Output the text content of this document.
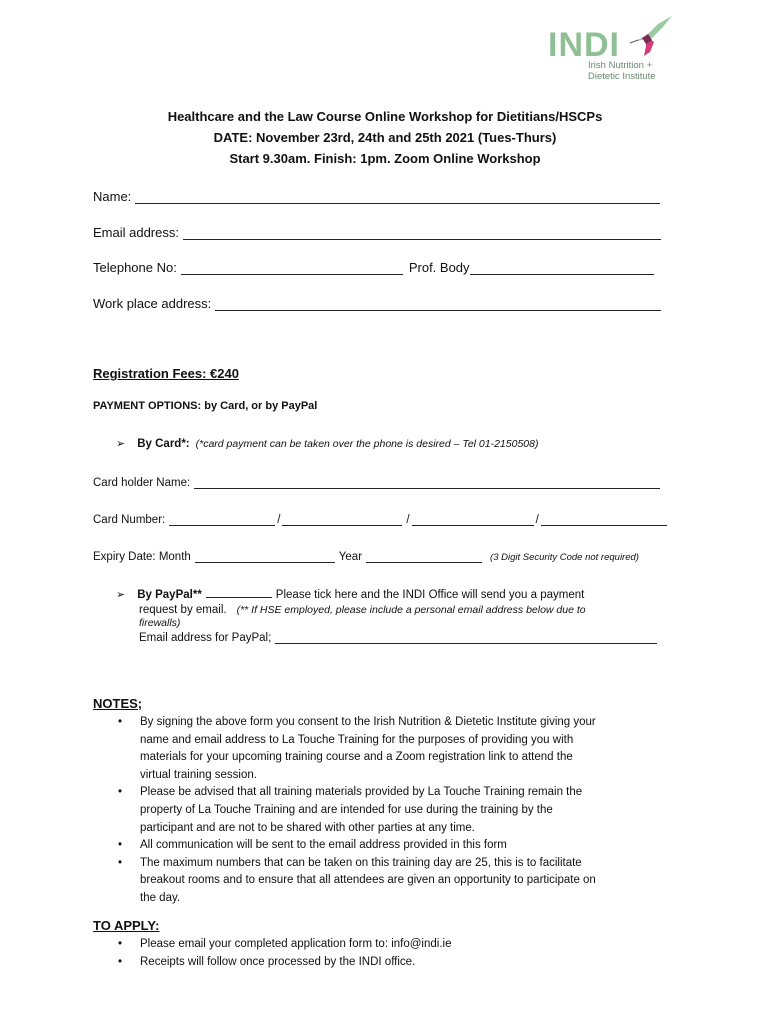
INDI
Irish Nutrition +
Dietetic Institute
Healthcare and the Law Course Online Workshop for Dietitians/HSCPs
DATE: November 23rd, 24th and 25th 2021 (Tues-Thurs)
Start 9.30am. Finish: 1pm. Zoom Online Workshop
Name:
Email address:
Telephone No:	Prof. Body
Work place address:
Registration Fees: €240
PAYMENT OPTIONS: by Card, or by PayPal
➢ By Card*: (*card payment can be taken over the phone is desired – Tel 01-2150508)
Card holder Name:
Card Number:	/	/	/
Expiry Date: Month	Year	(3 Digit Security Code not required)
➢ By PayPal**	Please tick here and the INDI Office will send you a payment
request by email. (** If HSE employed, please include a personal email address below due to
firewalls)
Email address for PayPal;
NOTES;
• By signing the above form you consent to the Irish Nutrition & Dietetic Institute giving your
name and email address to La Touche Training for the purposes of providing you with
materials for your upcoming training course and a Zoom registration link to attend the
virtual training session.
• Please be advised that all training materials provided by La Touche Training remain the
property of La Touche Training and are intended for use during the training by the
participant and are not to be shared with other parties at any time.
• All communication will be sent to the email address provided in this form
• The maximum numbers that can be taken on this training day are 25, this is to facilitate
breakout rooms and to ensure that all attendees are given an opportunity to participate on
the day.
TO APPLY:
• Please email your completed application form to: info@indi.ie
• Receipts will follow once processed by the INDI office.
